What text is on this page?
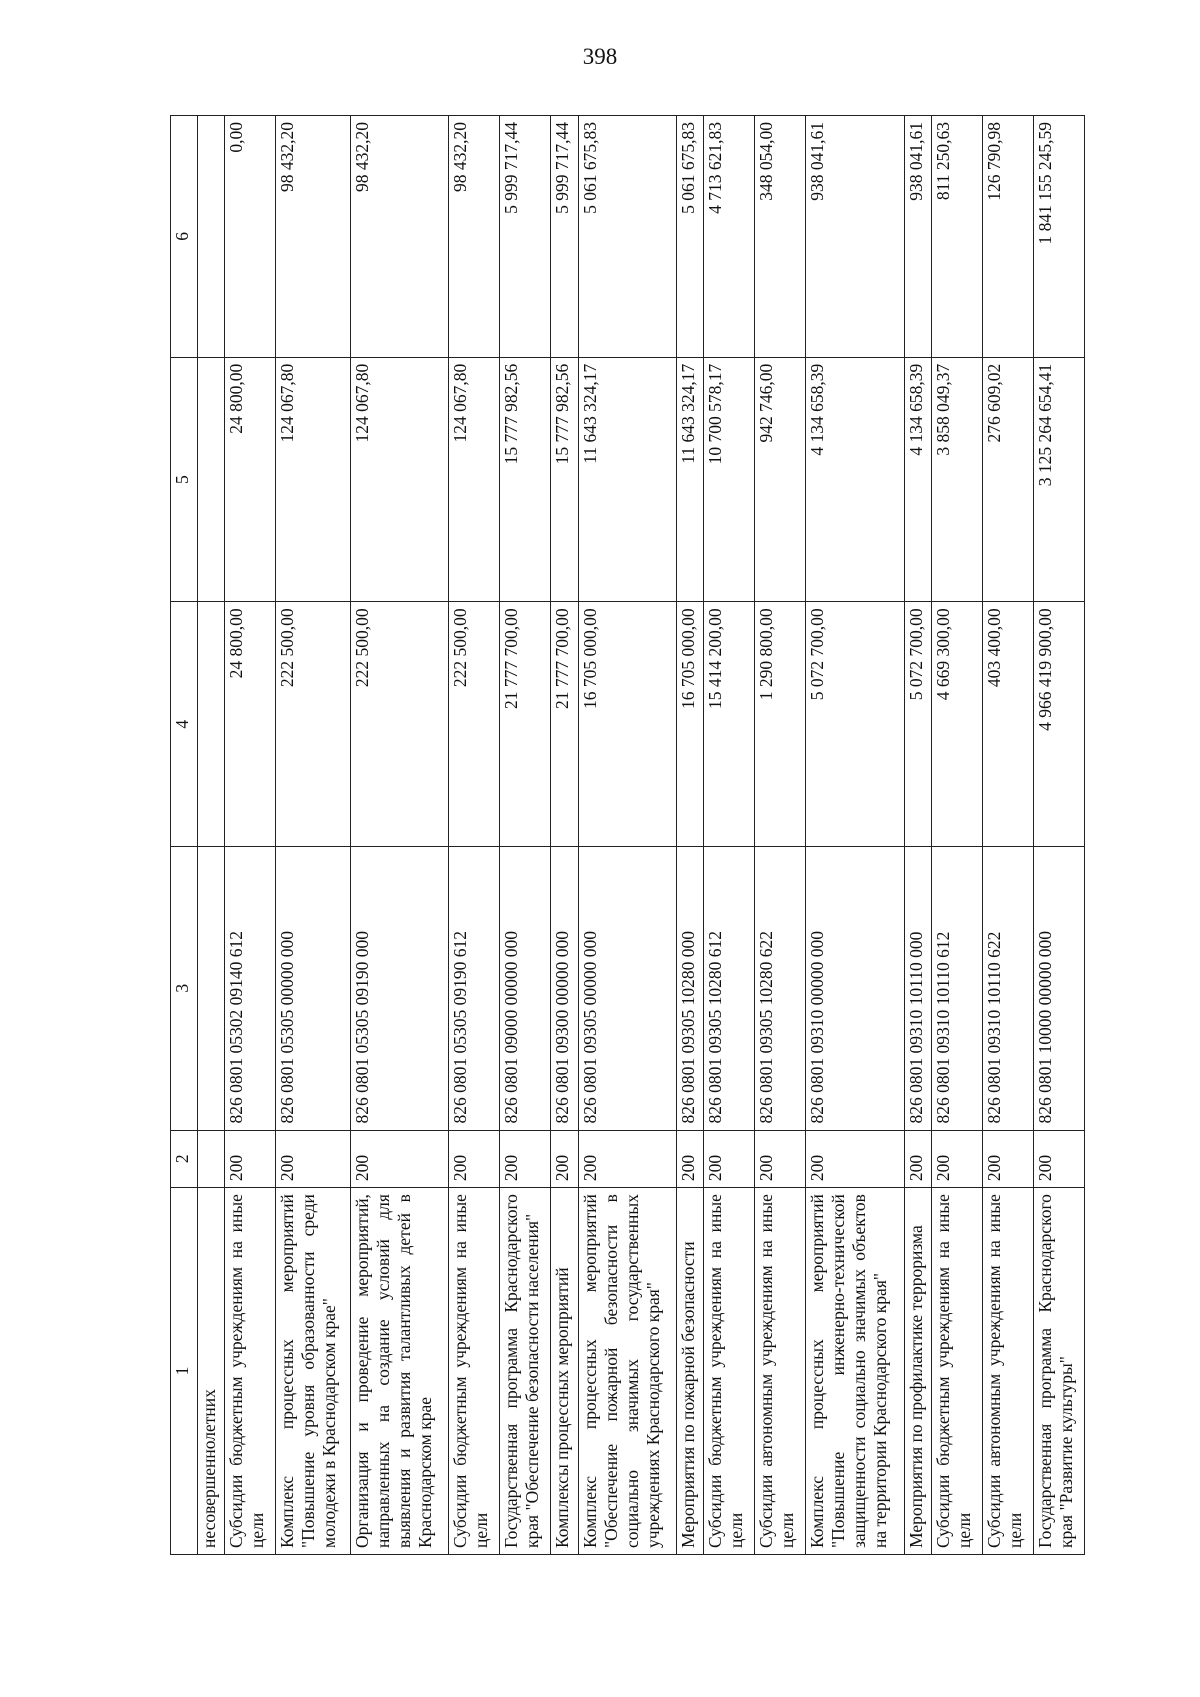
398
1	2	3	4	5	6
несовершеннолетних					
Субсидии бюджетным учреждениям на иные цели	200	826 0801 05302 09140 612	24 800,00	24 800,00	0,00
Комплекс процессных мероприятий "Повышение уровня образованности среди молодежи в Краснодарском крае"	200	826 0801 05305 00000 000	222 500,00	124 067,80	98 432,20
Организация и проведение мероприятий, направленных на создание условий для выявления и развития талантливых детей в Краснодарском крае	200	826 0801 05305 09190 000	222 500,00	124 067,80	98 432,20
Субсидии бюджетным учреждениям на иные цели	200	826 0801 05305 09190 612	222 500,00	124 067,80	98 432,20
Государственная программа Краснодарского края "Обеспечение безопасности населения"	200	826 0801 09000 00000 000	21 777 700,00	15 777 982,56	5 999 717,44
Комплексы процессных мероприятий	200	826 0801 09300 00000 000	21 777 700,00	15 777 982,56	5 999 717,44
Комплекс процессных мероприятий "Обеспечение пожарной безопасности в социально значимых государственных учреждениях Краснодарского края"	200	826 0801 09305 00000 000	16 705 000,00	11 643 324,17	5 061 675,83
Мероприятия по пожарной безопасности	200	826 0801 09305 10280 000	16 705 000,00	11 643 324,17	5 061 675,83
Субсидии бюджетным учреждениям на иные цели	200	826 0801 09305 10280 612	15 414 200,00	10 700 578,17	4 713 621,83
Субсидии автономным учреждениям на иные цели	200	826 0801 09305 10280 622	1 290 800,00	942 746,00	348 054,00
Комплекс процессных мероприятий "Повышение инженерно-технической защищенности социально значимых объектов на территории Краснодарского края"	200	826 0801 09310 00000 000	5 072 700,00	4 134 658,39	938 041,61
Мероприятия по профилактике терроризма	200	826 0801 09310 10110 000	5 072 700,00	4 134 658,39	938 041,61
Субсидии бюджетным учреждениям на иные цели	200	826 0801 09310 10110 612	4 669 300,00	3 858 049,37	811 250,63
Субсидии автономным учреждениям на иные цели	200	826 0801 09310 10110 622	403 400,00	276 609,02	126 790,98
Государственная программа Краснодарского края "Развитие культуры"	200	826 0801 10000 00000 000	4 966 419 900,00	3 125 264 654,41	1 841 155 245,59
